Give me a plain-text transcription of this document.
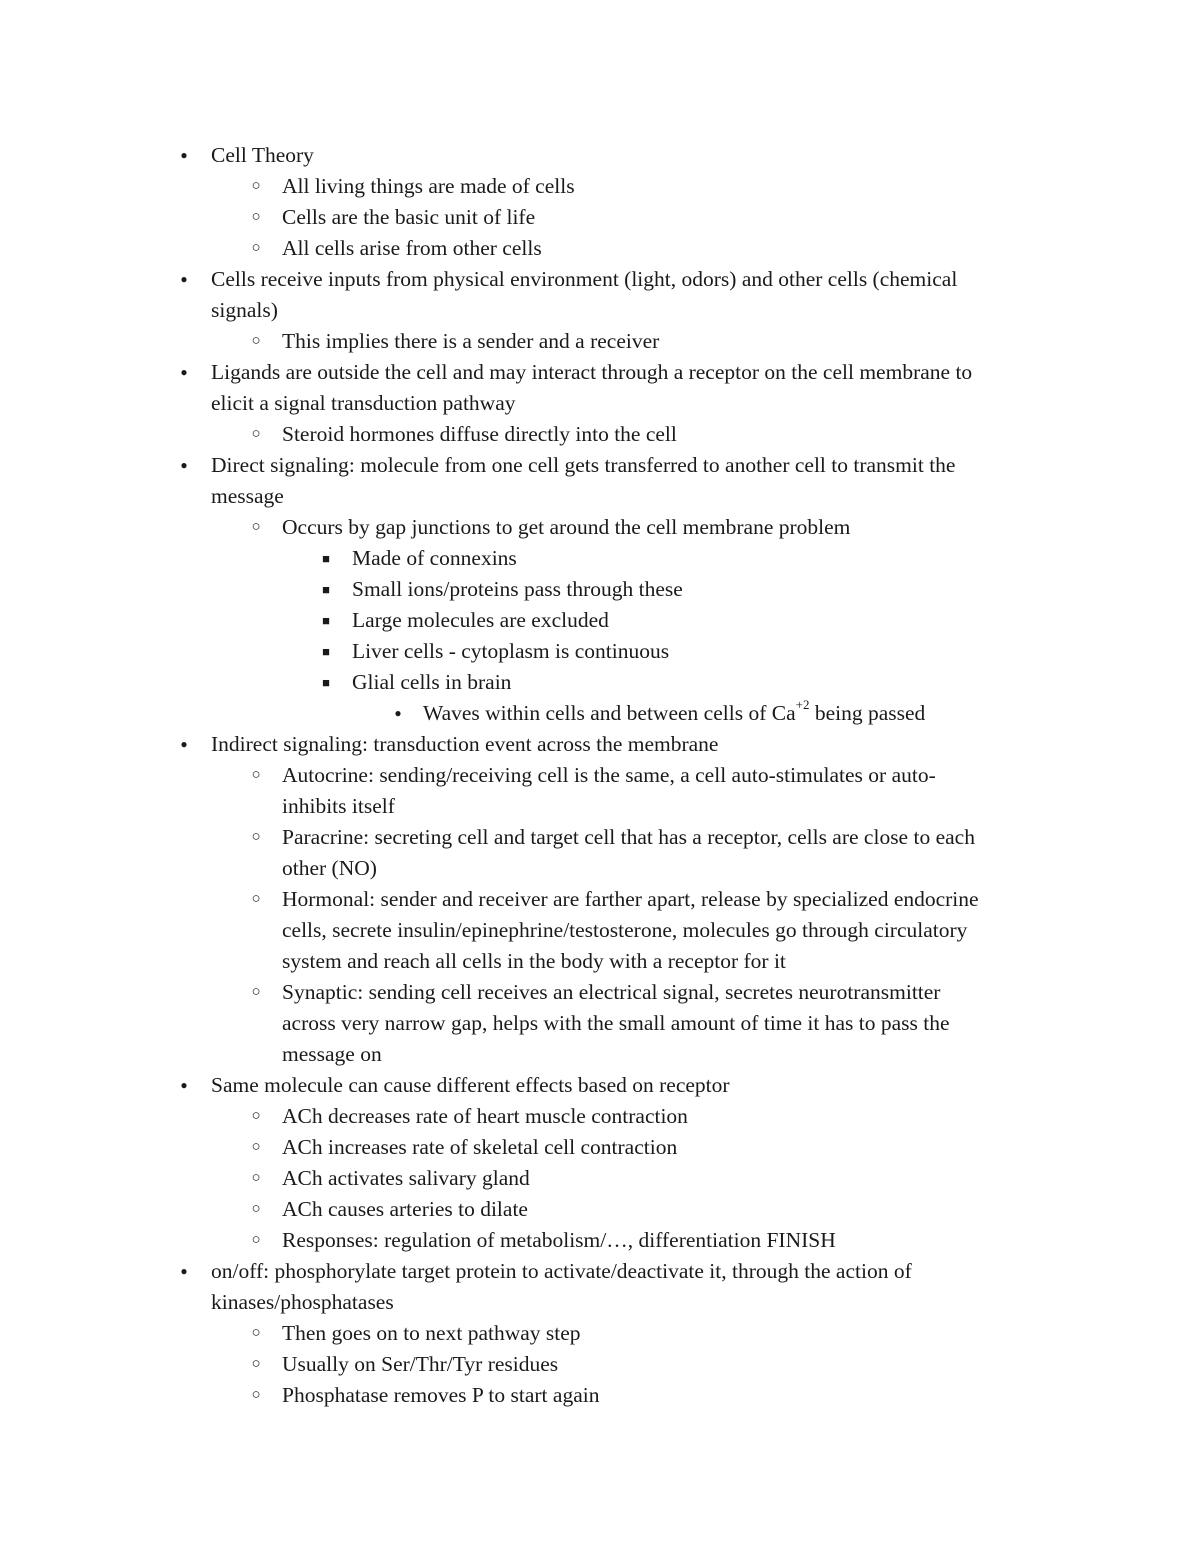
●	Cell Theory
○ All living things are made of cells
○ Cells are the basic unit of life
○ All cells arise from other cells
●	Cells receive inputs from physical environment (light, odors) and other cells (chemical
signals)
○ This implies there is a sender and a receiver
●	Ligands are outside the cell and may interact through a receptor on the cell membrane to
elicit a signal transduction pathway
○ Steroid hormones diffuse directly into the cell
●	Direct signaling: molecule from one cell gets transferred to another cell to transmit the
message
○ Occurs by gap junctions to get around the cell membrane problem
■	Made of connexins
■	Small ions/proteins pass through these
■	Large molecules are excluded
■	Liver cells - cytoplasm is continuous
■	Glial cells in brain
● Waves within cells and between cells of $Ca^{+2}$ being passed
●	Indirect signaling: transduction event across the membrane
○ Autocrine: sending/receiving cell is the same, a cell auto-stimulates or auto-
inhibits itself
○ Paracrine: secreting cell and target cell that has a receptor, cells are close to each
other (NO)
○ Hormonal: sender and receiver are farther apart, release by specialized endocrine
cells, secrete insulin/epinephrine/testosterone, molecules go through circulatory
system and reach all cells in the body with a receptor for it
○ Synaptic: sending cell receives an electrical signal, secretes neurotransmitter
across very narrow gap, helps with the small amount of time it has to pass the
message on
●	Same molecule can cause different effects based on receptor
○ ACh decreases rate of heart muscle contraction
○ ACh increases rate of skeletal cell contraction
○ ACh activates salivary gland
○ ACh causes arteries to dilate
○ Responses: regulation of metabolism/…, differentiation FINISH
●	on/off: phosphorylate target protein to activate/deactivate it, through the action of
kinases/phosphatases
○ Then goes on to next pathway step
○ Usually on Ser/Thr/Tyr residues
○ Phosphatase removes P to start again
